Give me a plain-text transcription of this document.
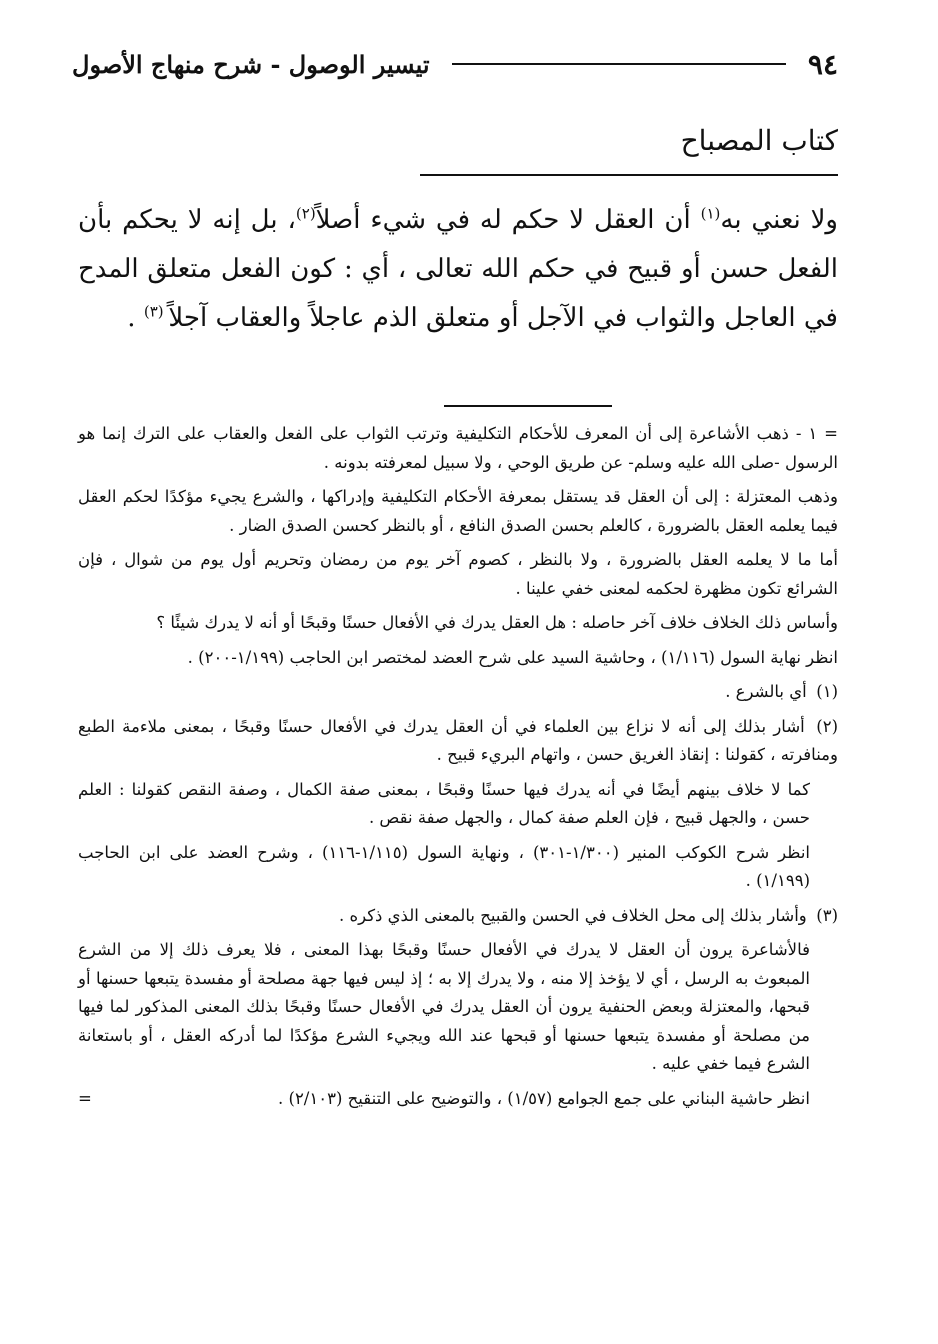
٩٤
تيسير الوصول - شرح منهاج الأصول
كتاب المصباح

ولا نعني به$^{(١)}$ أن العقل لا حكم له في شيء أصلاً$^{(٢)}$، بل إنه لا يحكم بأن الفعل حسن أو قبيح في حكم الله تعالى ، أي : كون الفعل متعلق المدح في العاجل والثواب في الآجل أو متعلق الذم عاجلاً والعقاب آجلاً $^{(٣)}$ .

= ١ - ذهب الأشاعرة إلى أن المعرف للأحكام التكليفية وترتب الثواب على الفعل والعقاب على الترك إنما هو الرسول -صلى الله عليه وسلم- عن طريق الوحي ، ولا سبيل لمعرفته بدونه .

وذهب المعتزلة : إلى أن العقل قد يستقل بمعرفة الأحكام التكليفية وإدراكها ، والشرع يجيء مؤكدًا لحكم العقل فيما يعلمه العقل بالضرورة ، كالعلم بحسن الصدق النافع ، أو بالنظر كحسن الصدق الضار .

أما ما لا يعلمه العقل بالضرورة ، ولا بالنظر ، كصوم آخر يوم من رمضان وتحريم أول يوم من شوال ، فإن الشرائع تكون مظهرة لحكمه لمعنى خفي علينا .

وأساس ذلك الخلاف خلاف آخر حاصله : هل العقل يدرك في الأفعال حسنًا وقبحًا أو أنه لا يدرك شيئًا ؟

انظر نهاية السول (١/١١٦) ، وحاشية السيد على شرح العضد لمختصر ابن الحاجب (١/١٩٩-٢٠٠) .

(١) أي بالشرع .

(٢) أشار بذلك إلى أنه لا نزاع بين العلماء في أن العقل يدرك في الأفعال حسنًا وقبحًا ، بمعنى ملاءمة الطبع ومنافرته ، كقولنا : إنقاذ الغريق حسن ، واتهام البريء قبيح .

كما لا خلاف بينهم أيضًا في أنه يدرك فيها حسنًا وقبحًا ، بمعنى صفة الكمال ، وصفة النقص كقولنا : العلم حسن ، والجهل قبيح ، فإن العلم صفة كمال ، والجهل صفة نقص .

انظر شرح الكوكب المنير (١/٣٠٠-٣٠١) ، ونهاية السول (١/١١٥-١١٦) ، وشرح العضد على ابن الحاجب (١/١٩٩) .

(٣) وأشار بذلك إلى محل الخلاف في الحسن والقبيح بالمعنى الذي ذكره .

فالأشاعرة يرون أن العقل لا يدرك في الأفعال حسنًا وقبحًا بهذا المعنى ، فلا يعرف ذلك إلا من الشرع المبعوث به الرسل ، أي لا يؤخذ إلا منه ، ولا يدرك إلا به ؛ إذ ليس فيها جهة مصلحة أو مفسدة يتبعها حسنها أو قبحها، والمعتزلة وبعض الحنفية يرون أن العقل يدرك في الأفعال حسنًا وقبحًا بذلك المعنى المذكور لما فيها من مصلحة أو مفسدة يتبعها حسنها أو قبحها عند الله ويجيء الشرع مؤكدًا لما أدركه العقل ، أو باستعانة الشرع فيما خفي عليه .

انظر حاشية البناني على جمع الجوامع (١/٥٧) ، والتوضيح على التنقيح (٢/١٠٣) .
=
